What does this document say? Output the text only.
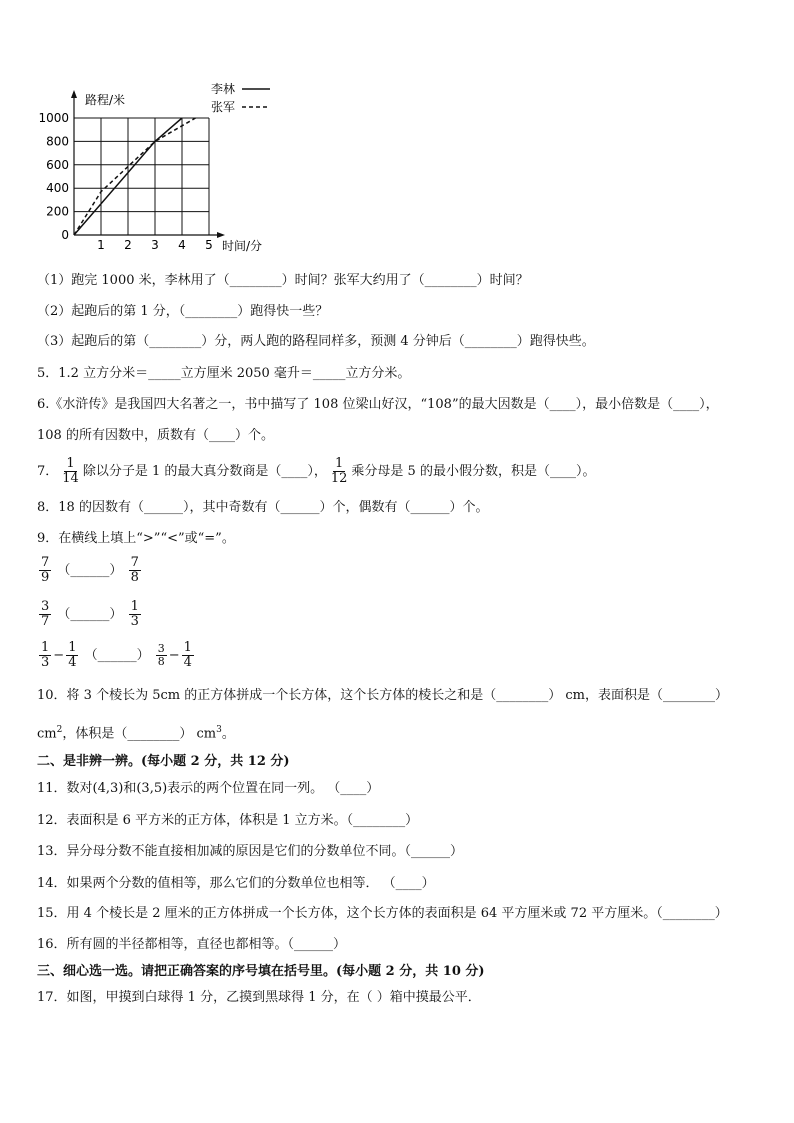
0
200
400
600
800
1000
1 2 3 4 5
路程/米
时间/分
李林
张军
（1）跑完 1000 米，李林用了（________）时间？张军大约用了（________）时间？
（2）起跑后的第 1 分，（________）跑得快一些？
（3）起跑后的第（________）分，两人跑的路程同样多，预测 4 分钟后（________）跑得快些。
5．1.2 立方分米＝_____立方厘米 2050 毫升＝_____立方分米。
6.《水浒传》是我国四大名著之一，书中描写了 108 位梁山好汉，“108”的最大因数是（____），最小倍数是（____），
108 的所有因数中，质数有（____）个。
7． $\frac{1}{14}$ 除以分子是 1 的最大真分数商是（____）， $\frac{1}{12}$ 乘分母是 5 的最小假分数，积是（____）。
8．18 的因数有（______），其中奇数有（______）个，偶数有（______）个。
9．在横线上填上“>”“<”或“=”。
$\frac{7}{9}$ （______） $\frac{7}{8}$
$\frac{3}{7}$ （______） $\frac{1}{3}$
$\frac{1}{3} - \frac{1}{4}$ （______） $\frac{3}{8} - \frac{1}{4}$
10．将 3 个棱长为 5cm 的正方体拼成一个长方体，这个长方体的棱长之和是（________） cm，表面积是（________）
$cm^2$，体积是（________） $cm^3$。
二、是非辨一辨。(每小题 2 分，共 12 分)
11．数对(4,3)和(3,5)表示的两个位置在同一列。 （____）
12．表面积是 6 平方米的正方体，体积是 1 立方米。（________）
13．异分母分数不能直接相加减的原因是它们的分数单位不同。（______）
14．如果两个分数的值相等，那么它们的分数单位也相等． （____）
15．用 4 个棱长是 2 厘米的正方体拼成一个长方体，这个长方体的表面积是 64 平方厘米或 72 平方厘米。（________）
16．所有圆的半径都相等，直径也都相等。（______）
三、细心选一选。请把正确答案的序号填在括号里。(每小题 2 分，共 10 分)
17．如图，甲摸到白球得 1 分，乙摸到黑球得 1 分，在（ ）箱中摸最公平．
